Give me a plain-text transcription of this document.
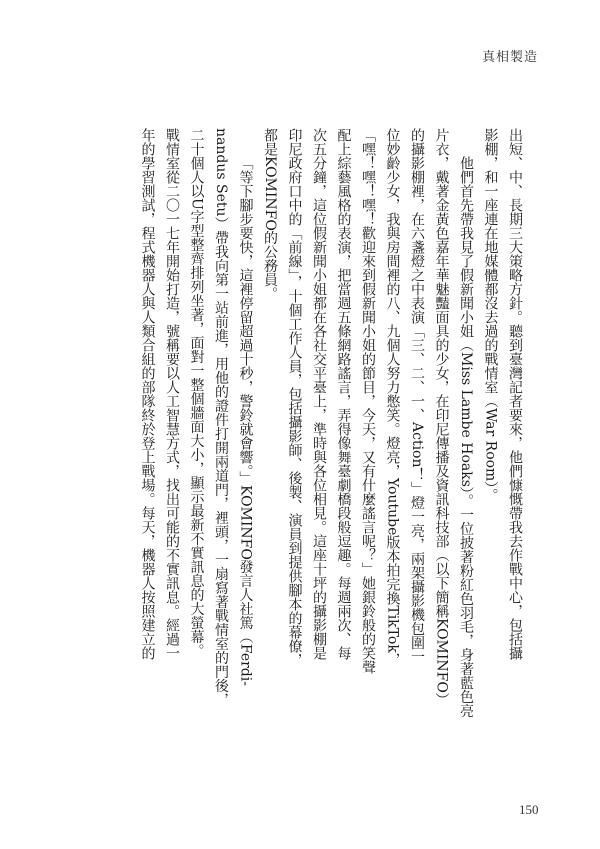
真相製造
出短、中、長期三大策略方針。聽到臺灣記者要來，他們慷慨帶我去作戰中心，包括攝
影棚，和一座連在地媒體都沒去過的戰情室（War Room）。
他們首先帶我見了假新聞小姐（Miss Lambe Hoaks）。一位披著粉紅色羽毛，身著藍色亮
片衣，戴著金黃色嘉年華魅豔面具的少女，在印尼傳播及資訊科技部（以下簡稱KOMINFO）
的攝影棚裡，在六盞燈之中表演「三、二、一、Action！」燈一亮，兩架攝影機包圍一
位妙齡少女，我與房間裡的八、九個人努力憋笑。燈亮，Youtube版本拍完換TikTok，
「嘿！嘿！嘿！歡迎來到假新聞小姐的節目，今天，又有什麼謠言呢？」她銀鈴般的笑聲
配上綜藝風格的表演，把當週五條網路謠言，弄得像舞臺劇橋段般逗趣。每週兩次、每
次五分鐘，這位假新聞小姐都在各社交平臺上，準時與各位相見。這座十坪的攝影棚是
印尼政府口中的「前線」，十個工作人員，包括攝影師、後製、演員到提供腳本的幕僚，
都是KOMINFO的公務員。
「等下腳步要快，這裡停留超過十秒，警鈴就會響。」KOMINFO發言人社篤（Ferdi-
nandus Setu）帶我向第一站前進，用他的證件打開兩道門，裡頭，一扇寫著戰情室的門後，
二十個人以U字型整齊排列坐著，面對一整個牆面大小，顯示最新不實訊息的大螢幕。
戰情室從二〇一七年開始打造，號稱要以人工智慧方式，找出可能的不實訊息。經過一
年的學習測試，程式機器人與人類合組的部隊終於登上戰場。每天，機器人按照建立的
150
